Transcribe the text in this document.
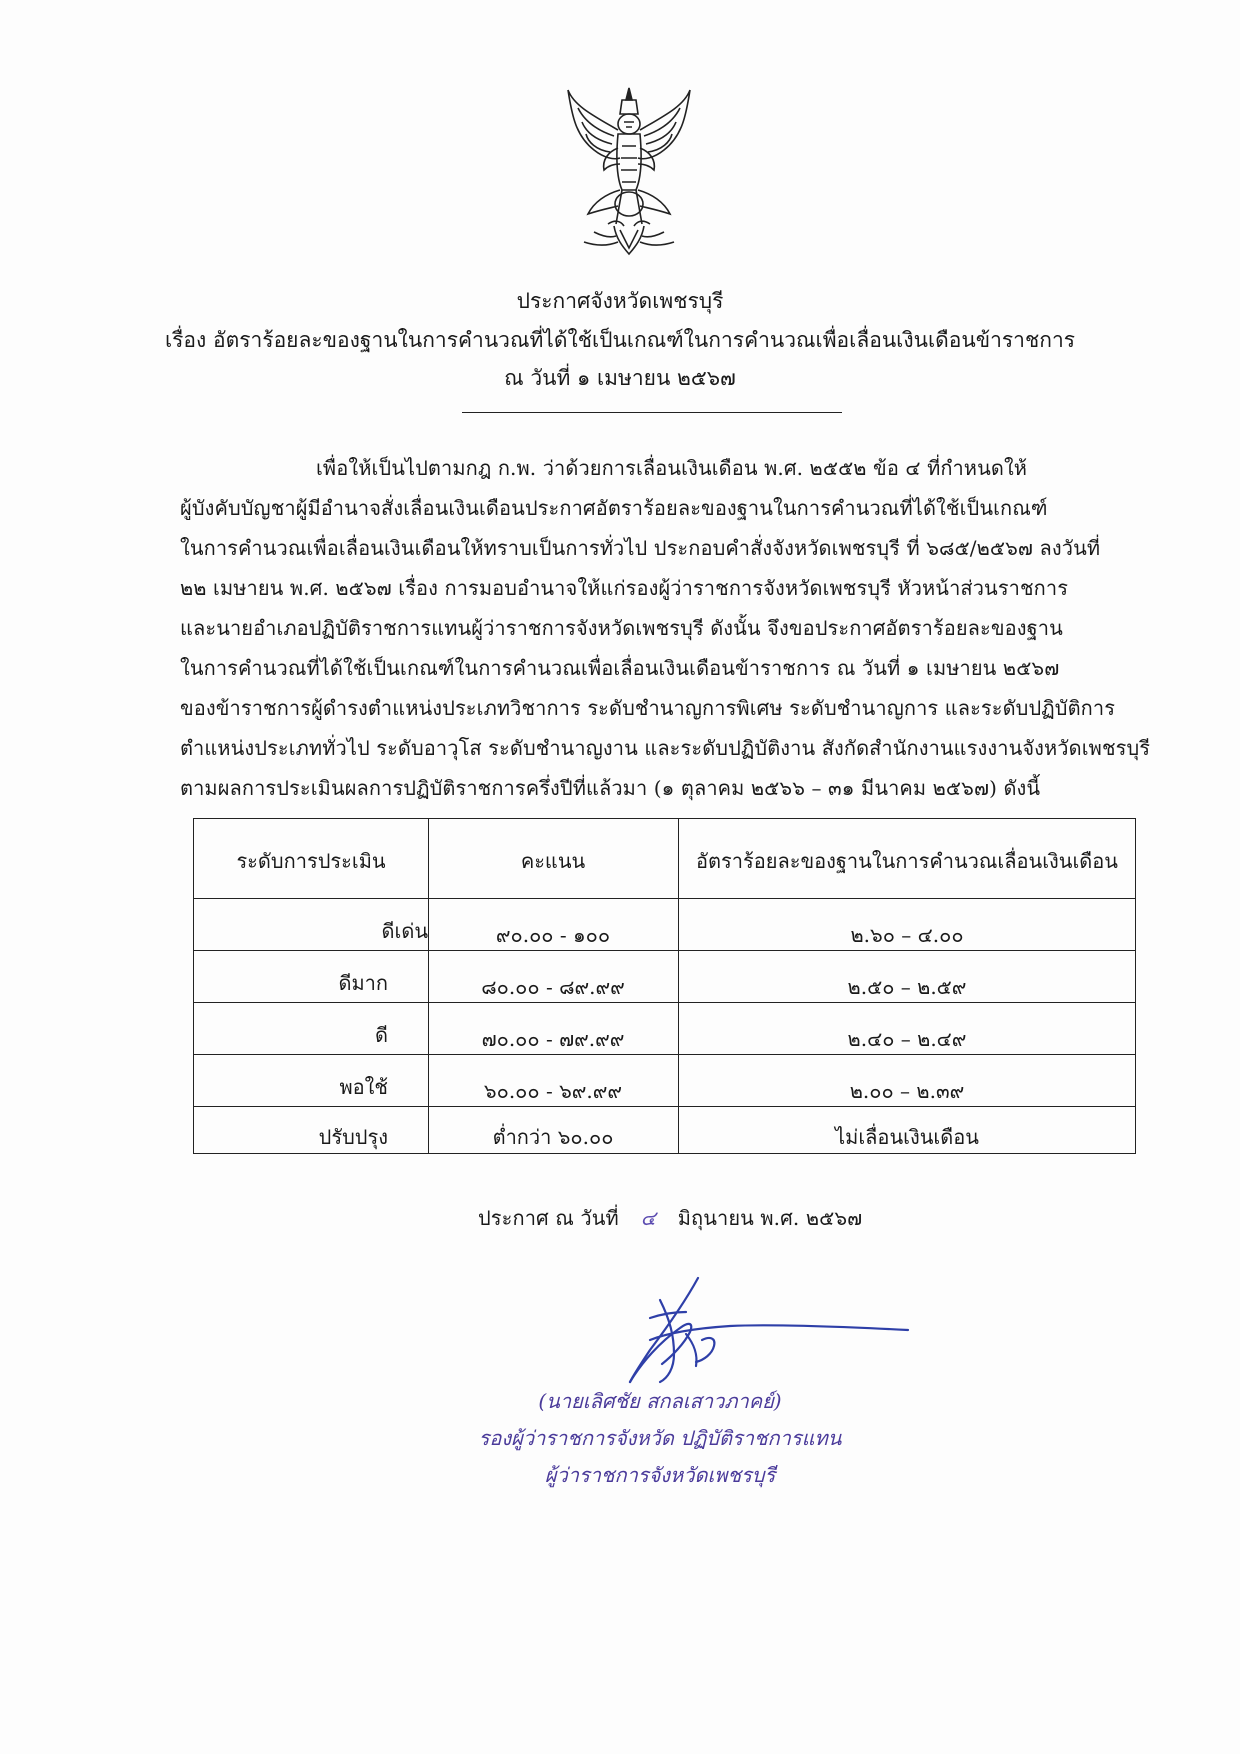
ประกาศจังหวัดเพชรบุรี
เรื่อง อัตราร้อยละของฐานในการคำนวณที่ได้ใช้เป็นเกณฑ์ในการคำนวณเพื่อเลื่อนเงินเดือนข้าราชการ
ณ วันที่ ๑ เมษายน ๒๕๖๗
เพื่อให้เป็นไปตามกฎ ก.พ. ว่าด้วยการเลื่อนเงินเดือน พ.ศ. ๒๕๕๒ ข้อ ๔ ที่กำหนดให้
ผู้บังคับบัญชาผู้มีอำนาจสั่งเลื่อนเงินเดือนประกาศอัตราร้อยละของฐานในการคำนวณที่ได้ใช้เป็นเกณฑ์
ในการคำนวณเพื่อเลื่อนเงินเดือนให้ทราบเป็นการทั่วไป ประกอบคำสั่งจังหวัดเพชรบุรี ที่ ๖๘๕/๒๕๖๗ ลงวันที่
๒๒ เมษายน พ.ศ. ๒๕๖๗ เรื่อง การมอบอำนาจให้แก่รองผู้ว่าราชการจังหวัดเพชรบุรี หัวหน้าส่วนราชการ
และนายอำเภอปฏิบัติราชการแทนผู้ว่าราชการจังหวัดเพชรบุรี ดังนั้น จึงขอประกาศอัตราร้อยละของฐาน
ในการคำนวณที่ได้ใช้เป็นเกณฑ์ในการคำนวณเพื่อเลื่อนเงินเดือนข้าราชการ ณ วันที่ ๑ เมษายน ๒๕๖๗
ของข้าราชการผู้ดำรงตำแหน่งประเภทวิชาการ ระดับชำนาญการพิเศษ ระดับชำนาญการ และระดับปฏิบัติการ
ตำแหน่งประเภททั่วไป ระดับอาวุโส ระดับชำนาญงาน และระดับปฏิบัติงาน สังกัดสำนักงานแรงงานจังหวัดเพชรบุรี
ตามผลการประเมินผลการปฏิบัติราชการครึ่งปีที่แล้วมา (๑ ตุลาคม ๒๕๖๖ – ๓๑ มีนาคม ๒๕๖๗) ดังนี้
ระดับการประเมิน	คะแนน	อัตราร้อยละของฐานในการคำนวณเลื่อนเงินเดือน
ดีเด่น	๙๐.๐๐ - ๑๐๐	๒.๖๐ – ๔.๐๐
ดีมาก	๘๐.๐๐ - ๘๙.๙๙	๒.๕๐ – ๒.๕๙
ดี	๗๐.๐๐ - ๗๙.๙๙	๒.๔๐ – ๒.๔๙
พอใช้	๖๐.๐๐ - ๖๙.๙๙	๒.๐๐ – ๒.๓๙
ปรับปรุง	ต่ำกว่า ๖๐.๐๐	ไม่เลื่อนเงินเดือน
ประกาศ ณ วันที่ ๔ มิถุนายน พ.ศ. ๒๕๖๗
(นายเลิศชัย สกลเสาวภาคย์)
รองผู้ว่าราชการจังหวัด ปฏิบัติราชการแทน
ผู้ว่าราชการจังหวัดเพชรบุรี
